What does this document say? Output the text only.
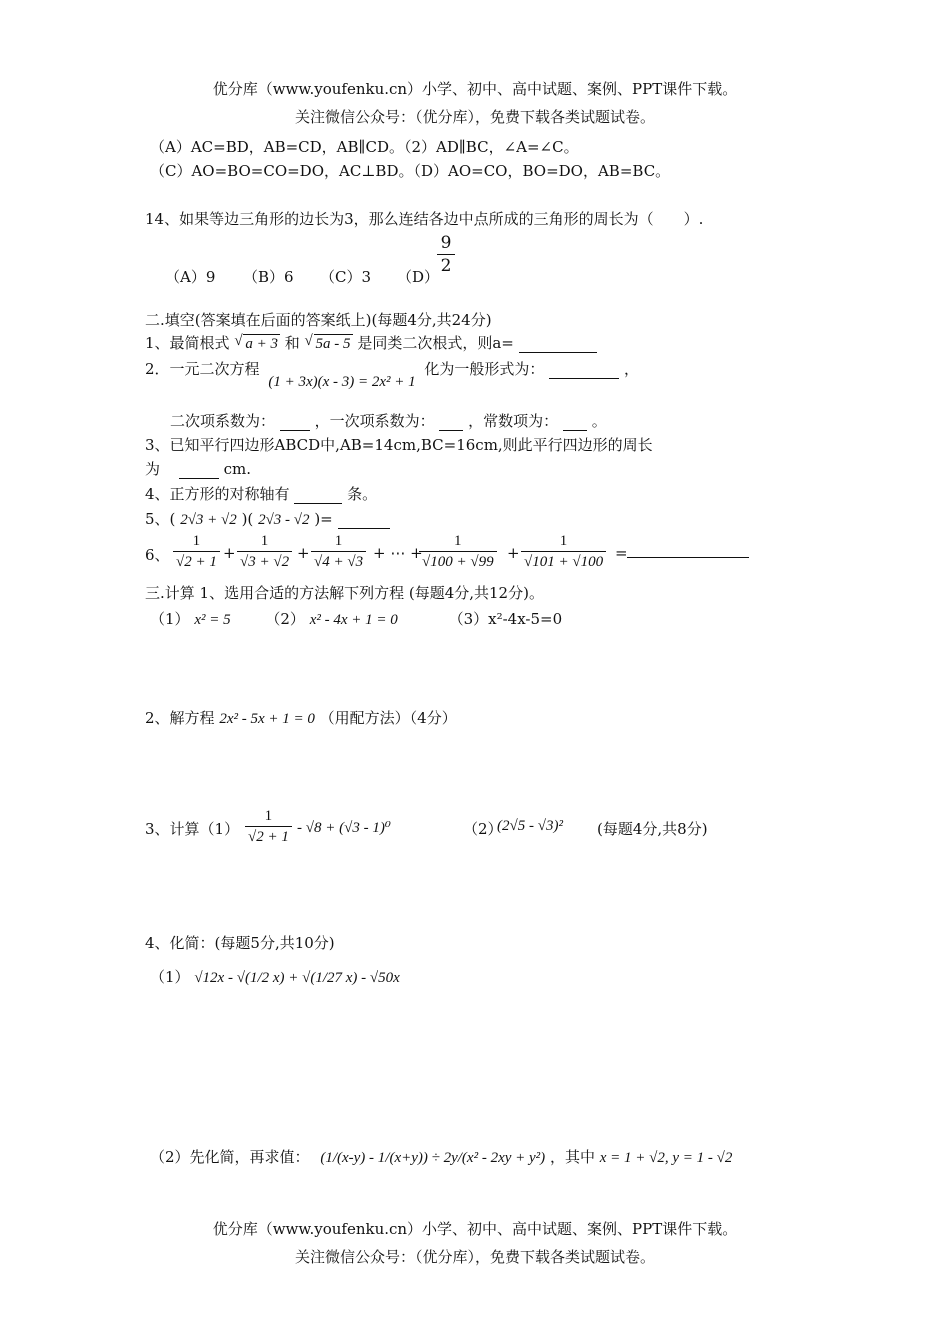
优分库（www.youfenku.cn）小学、初中、高中试题、案例、PPT课件下载。
关注微信公众号：（优分库），免费下载各类试题试卷。
（A）AC=BD，AB=CD，AB∥CD。（2）AD∥BC，∠A=∠C。
（C）AO=BO=CO=DO，AC⊥BD。（D）AO=CO，BO=DO，AB=BC。
14、如果等边三角形的边长为3，那么连结各边中点所成的三角形的周长为（　　）.
（A）9 （B）6 （C）3 （D）
$\frac{9}{2}$
二.填空(答案填在后面的答案纸上)(每题4分,共24分)
1、最简根式 √ a + 3 和 √ 5a - 5 是同类二次根式，则a=
2．一元二次方程 (1 + 3x)(x - 3) = 2x² + 1 化为一般形式为：	，
二次项系数为：	，一次项系数为： ，常数项为： 。
3、已知平行四边形ABCD中,AB=14cm,BC=16cm,则此平行四边形的周长
为	cm.
4、正方形的对称轴有	条。
5、( 2√3 + √2 )( 2√3 - √2 )=
6、 $\frac{1}{√2 + 1} + \frac{1}{√3 + √2} + \frac{1}{√4 + √3}$ + ⋯ +
$\frac{1}{√100 + √99} + \frac{1}{√101 + √100}$ =
三.计算 1、选用合适的方法解下列方程 (每题4分,共12分)。
（1） x² = 5 （2） x² - 4x + 1 = 0	（3）x²-4x-5=0
2、解方程 2x² - 5x + 1 = 0 （用配方法）（4分）
3、计算$(1) \frac{1}{√2 + 1} - √8 + (√3 - 1)^0$	（2）
(2√5 - √3)² (每题4分,共8分)
4、化简：(每题5分,共10分)
（1） √12x - √(1/2 x) + √(1/27 x) - √50x
（2）先化简，再求值： (1/(x-y) - 1/(x+y)) ÷ 2y/(x² - 2xy + y²) ，其中 x = 1 + √2, y = 1 - √2
优分库（www.youfenku.cn）小学、初中、高中试题、案例、PPT课件下载。
关注微信公众号：（优分库），免费下载各类试题试卷。
